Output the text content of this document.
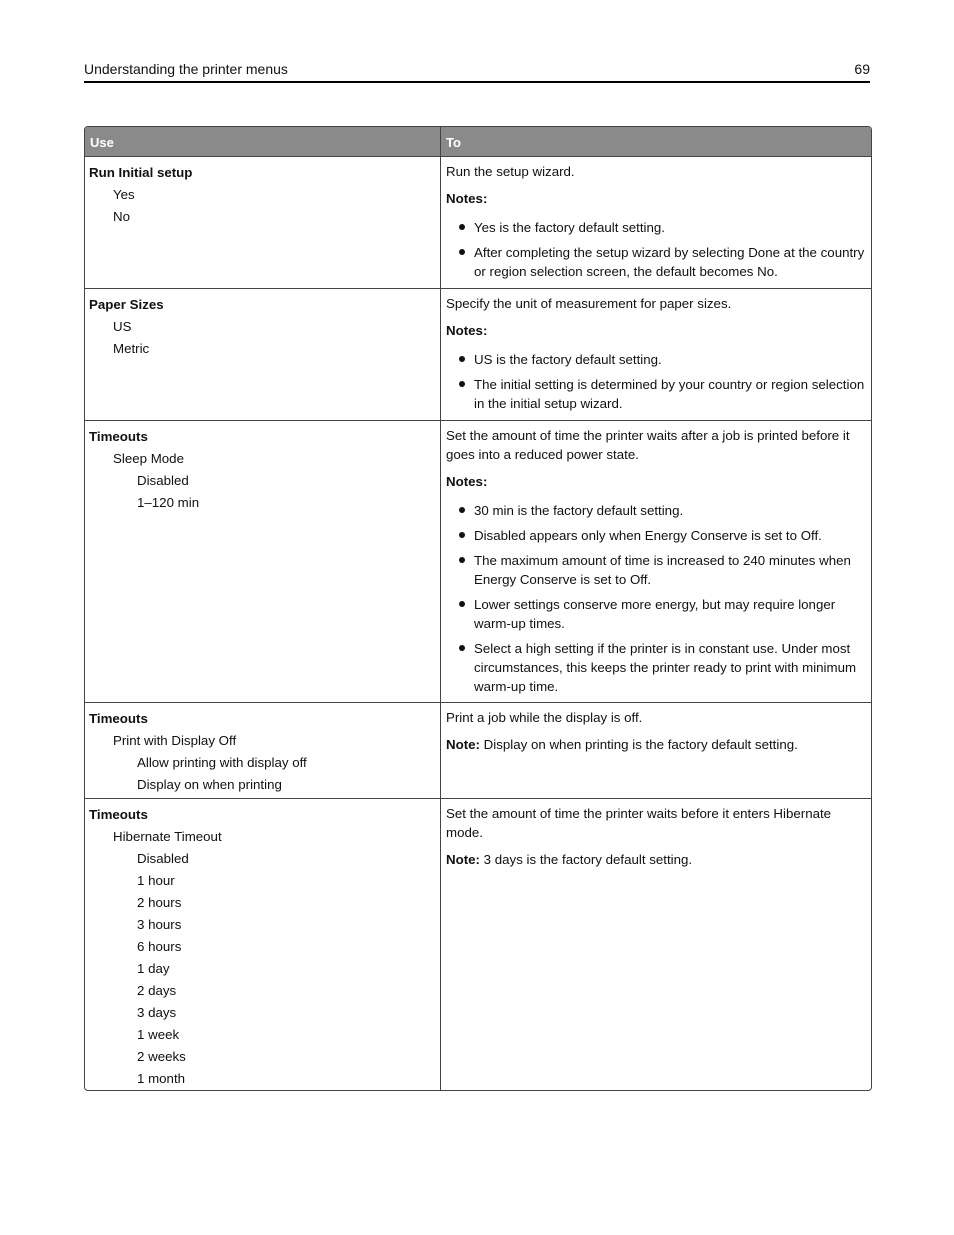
Understanding the printer menus	69
Use	To
Run Initial setup
Yes
No

Run the setup wizard.

Notes:

Yes is the factory default setting.
After completing the setup wizard by selecting Done at the country or region selection screen, the default becomes No.
Paper Sizes
US
Metric

Specify the unit of measurement for paper sizes.

Notes:

US is the factory default setting.
The initial setting is determined by your country or region selection in the initial setup wizard.
Timeouts
Sleep Mode
Disabled
1–120 min

Set the amount of time the printer waits after a job is printed before it goes into a reduced power state.

Notes:

30 min is the factory default setting.
Disabled appears only when Energy Conserve is set to Off.
The maximum amount of time is increased to 240 minutes when Energy Conserve is set to Off.
Lower settings conserve more energy, but may require longer warm-up times.
Select a high setting if the printer is in constant use. Under most circumstances, this keeps the printer ready to print with minimum warm-up time.
Timeouts
Print with Display Off
Allow printing with display off
Display on when printing

Print a job while the display is off.

Note: Display on when printing is the factory default setting.

Timeouts
Hibernate Timeout
Disabled
1 hour
2 hours
3 hours
6 hours
1 day
2 days
3 days
1 week
2 weeks
1 month

Set the amount of time the printer waits before it enters Hibernate mode.

Note: 3 days is the factory default setting.
